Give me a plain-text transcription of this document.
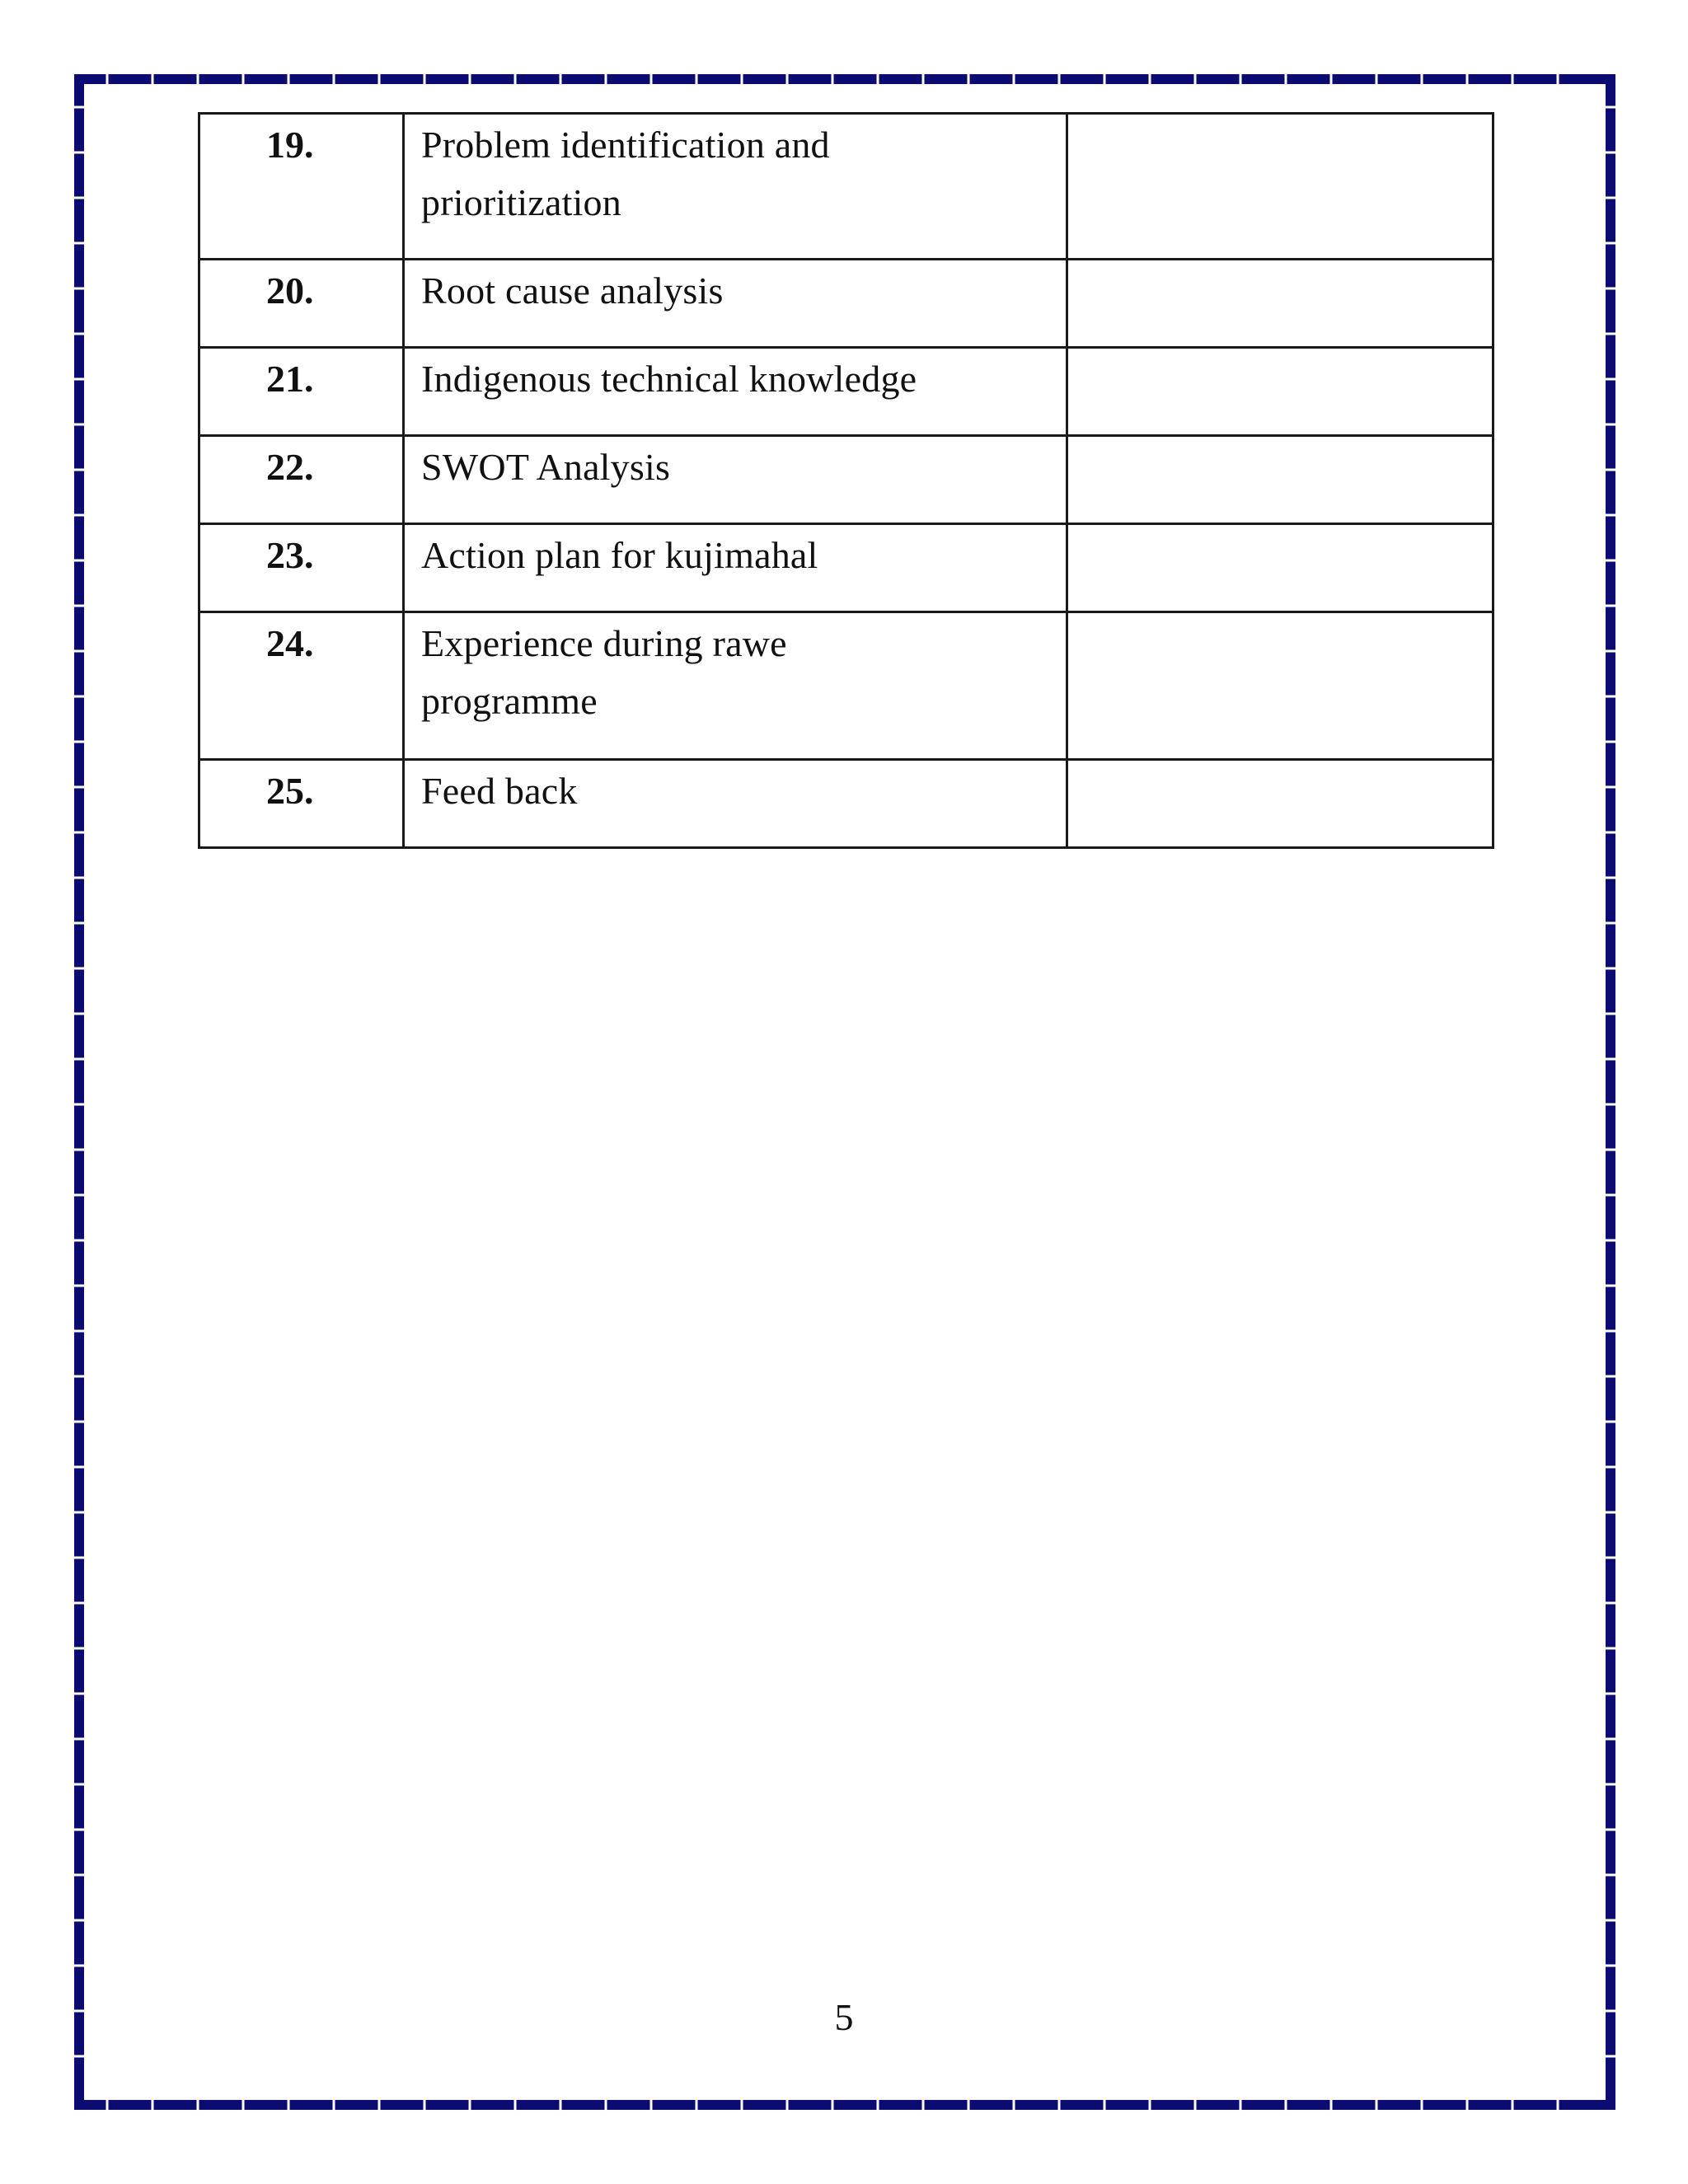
19.	Problem identification and
prioritization	

20.	Root cause analysis	

21.	Indigenous technical knowledge	

22.	SWOT Analysis	

23.	Action plan for kujimahal	

24.	Experience during rawe
programme	

25.	Feed back	

5
